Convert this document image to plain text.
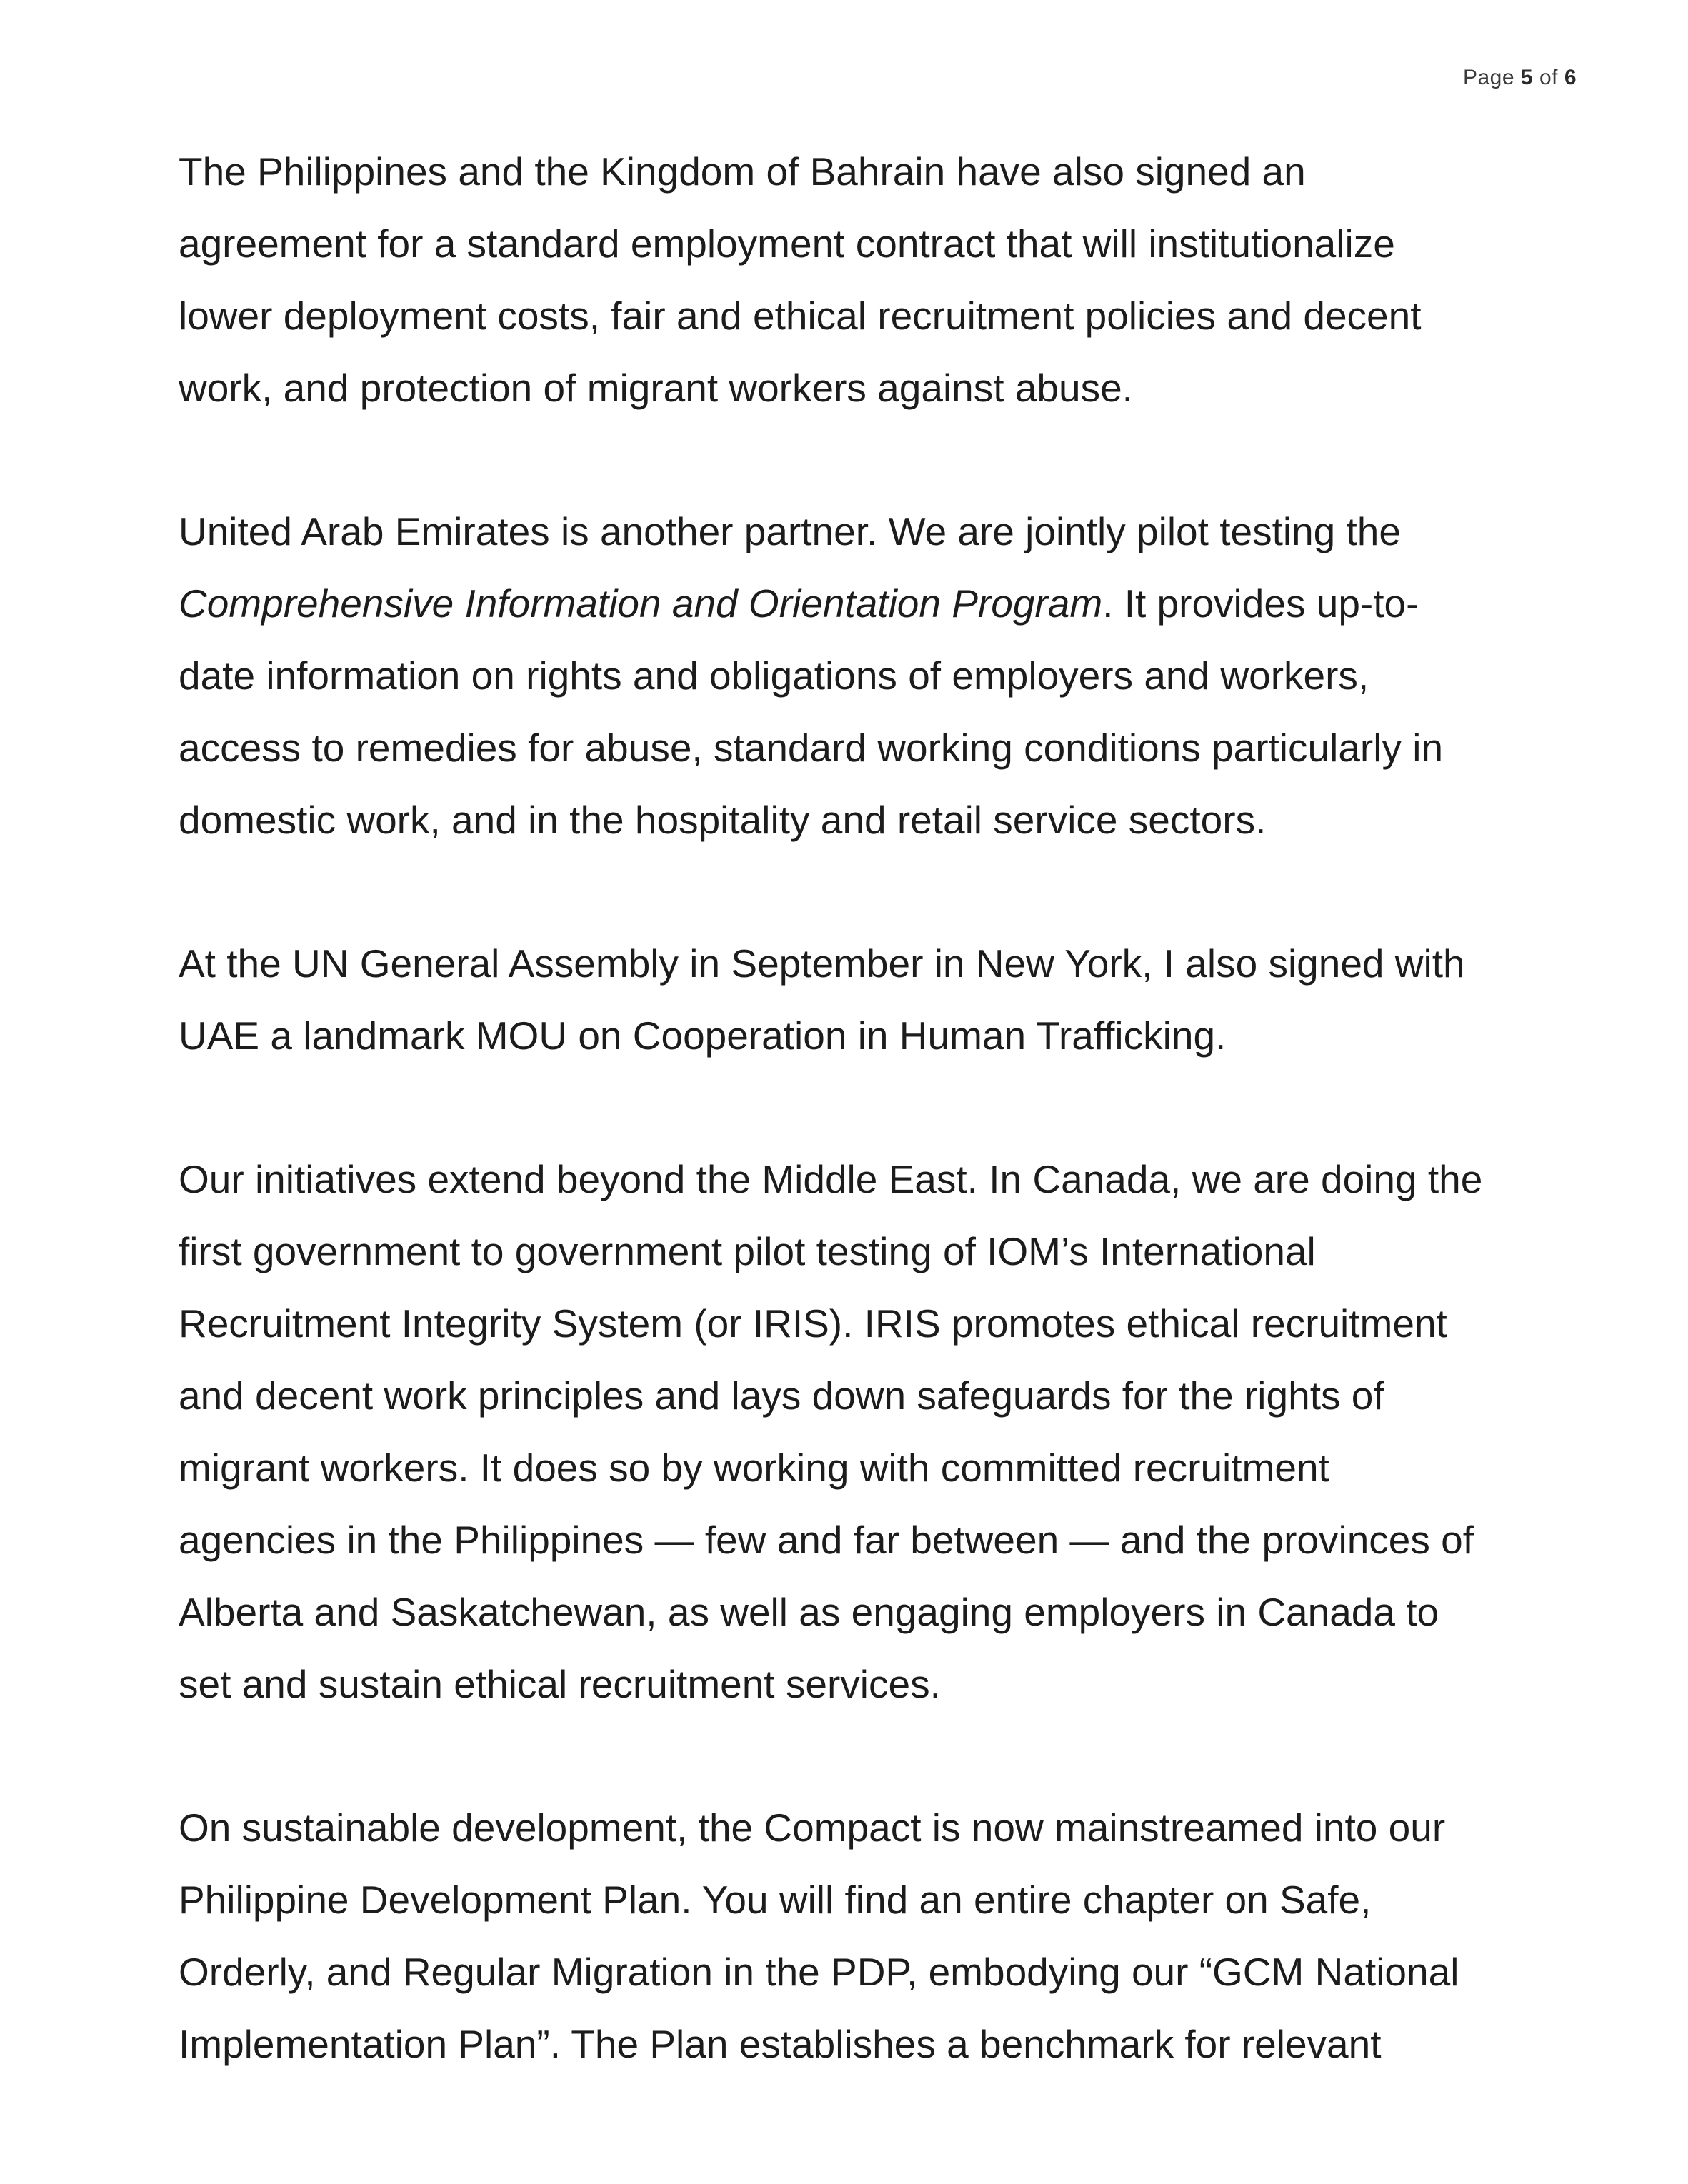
Page 5 of 6

The Philippines and the Kingdom of Bahrain have also signed an
agreement for a standard employment contract that will institutionalize
lower deployment costs, fair and ethical recruitment policies and decent
work, and protection of migrant workers against abuse.

United Arab Emirates is another partner. We are jointly pilot testing the
Comprehensive Information and Orientation Program. It provides up-to-
date information on rights and obligations of employers and workers,
access to remedies for abuse, standard working conditions particularly in
domestic work, and in the hospitality and retail service sectors.

At the UN General Assembly in September in New York, I also signed with
UAE a landmark MOU on Cooperation in Human Trafficking.

Our initiatives extend beyond the Middle East. In Canada, we are doing the
first government to government pilot testing of IOM’s International
Recruitment Integrity System (or IRIS). IRIS promotes ethical recruitment
and decent work principles and lays down safeguards for the rights of
migrant workers. It does so by working with committed recruitment
agencies in the Philippines — few and far between — and the provinces of
Alberta and Saskatchewan, as well as engaging employers in Canada to
set and sustain ethical recruitment services.

On sustainable development, the Compact is now mainstreamed into our
Philippine Development Plan. You will find an entire chapter on Safe,
Orderly, and Regular Migration in the PDP, embodying our “GCM National
Implementation Plan”. The Plan establishes a benchmark for relevant
